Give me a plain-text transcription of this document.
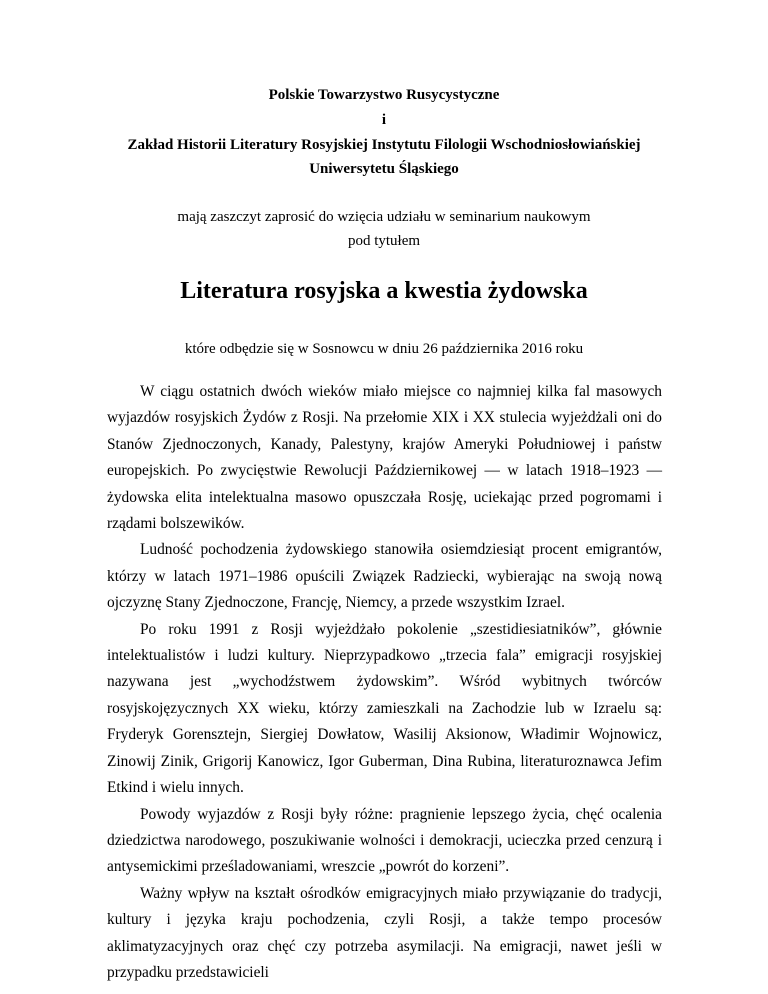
Polskie Towarzystwo Rusycystyczne
i
Zakład Historii Literatury Rosyjskiej Instytutu Filologii Wschodniosłowiańskiej
Uniwersytetu Śląskiego
mają zaszczyt zaprosić do wzięcia udziału w seminarium naukowym
pod tytułem
Literatura rosyjska a kwestia żydowska
które odbędzie się w Sosnowcu w dniu 26 października 2016 roku

W ciągu ostatnich dwóch wieków miało miejsce co najmniej kilka fal masowych wyjazdów rosyjskich Żydów z Rosji. Na przełomie XIX i XX stulecia wyjeżdżali oni do Stanów Zjednoczonych, Kanady, Palestyny, krajów Ameryki Południowej i państw europejskich. Po zwycięstwie Rewolucji Październikowej — w latach 1918–1923 — żydowska elita intelektualna masowo opuszczała Rosję, uciekając przed pogromami i rządami bolszewików.

Ludność pochodzenia żydowskiego stanowiła osiemdziesiąt procent emigrantów, którzy w latach 1971–1986 opuścili Związek Radziecki, wybierając na swoją nową ojczyznę Stany Zjednoczone, Francję, Niemcy, a przede wszystkim Izrael.

Po roku 1991 z Rosji wyjeżdżało pokolenie „szestidiesiatników”, głównie intelektualistów i ludzi kultury. Nieprzypadkowo „trzecia fala” emigracji rosyjskiej nazywana jest „wychodźstwem żydowskim”. Wśród wybitnych twórców rosyjskojęzycznych XX wieku, którzy zamieszkali na Zachodzie lub w Izraelu są: Fryderyk Gorensztejn, Siergiej Dowłatow, Wasilij Aksionow, Władimir Wojnowicz, Zinowij Zinik, Grigorij Kanowicz, Igor Guberman, Dina Rubina, literaturoznawca Jefim Etkind i wielu innych.

Powody wyjazdów z Rosji były różne: pragnienie lepszego życia, chęć ocalenia dziedzictwa narodowego, poszukiwanie wolności i demokracji, ucieczka przed cenzurą i antysemickimi prześladowaniami, wreszcie „powrót do korzeni”.

Ważny wpływ na kształt ośrodków emigracyjnych miało przywiązanie do tradycji, kultury i języka kraju pochodzenia, czyli Rosji, a także tempo procesów aklimatyzacyjnych oraz chęć czy potrzeba asymilacji. Na emigracji, nawet jeśli w przypadku przedstawicieli
